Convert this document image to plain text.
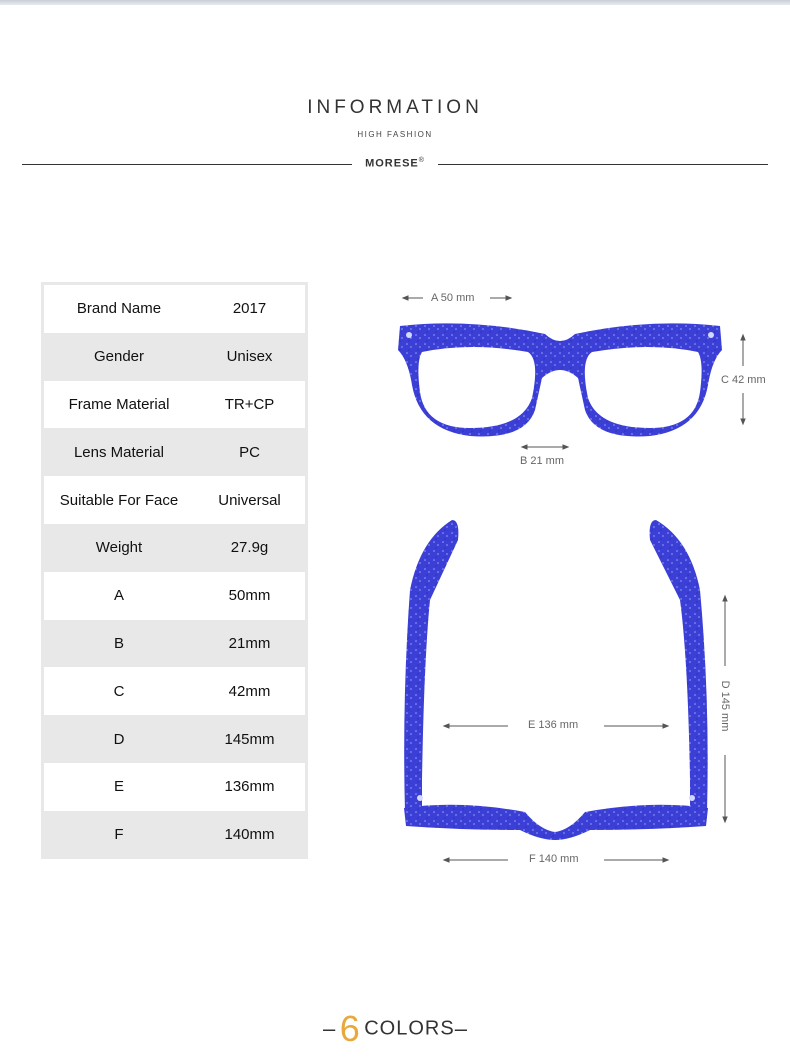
INFORMATION
HIGH FASHION
MORESE®
Brand Name	2017
Gender	Unisex
Frame Material	TR+CP
Lens Material	PC
Suitable For Face	Universal
Weight	27.9g
A	50mm
B	21mm
C	42mm
D	145mm
E	136mm
F	140mm
A 50 mm
B 21 mm
C 42 mm
D 145 mm
E 136 mm
F 140 mm
– 6 COLORS–
